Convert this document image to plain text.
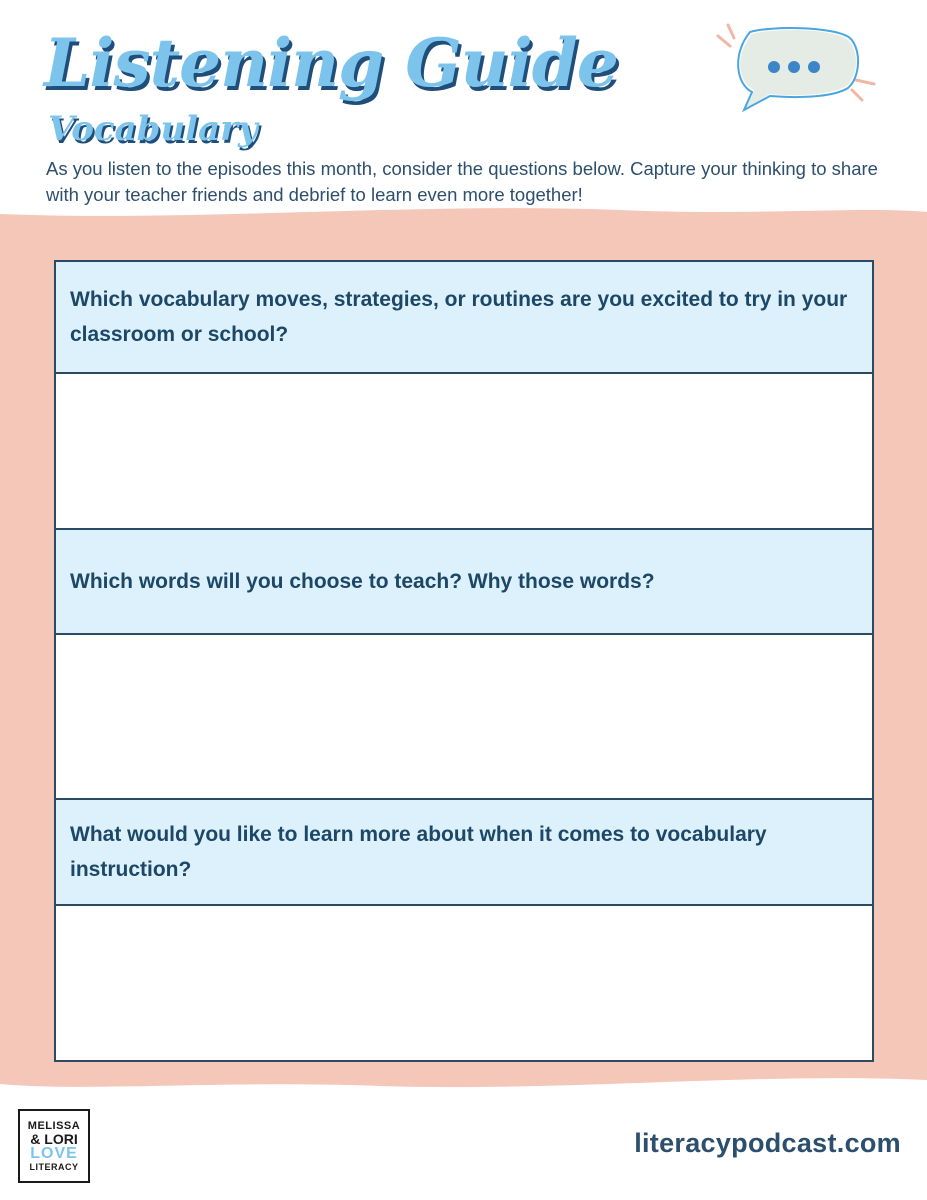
Listening Guide
Vocabulary
As you listen to the episodes this month, consider the questions below. Capture your thinking to share
with your teacher friends and debrief to learn even more together!
Which vocabulary moves, strategies, or routines are you excited to try in your classroom or school?
Which words will you choose to teach? Why those words?
What would you like to learn more about when it comes to vocabulary instruction?
MELISSA
& LORI
LOVE
LITERACY
literacypodcast.com
